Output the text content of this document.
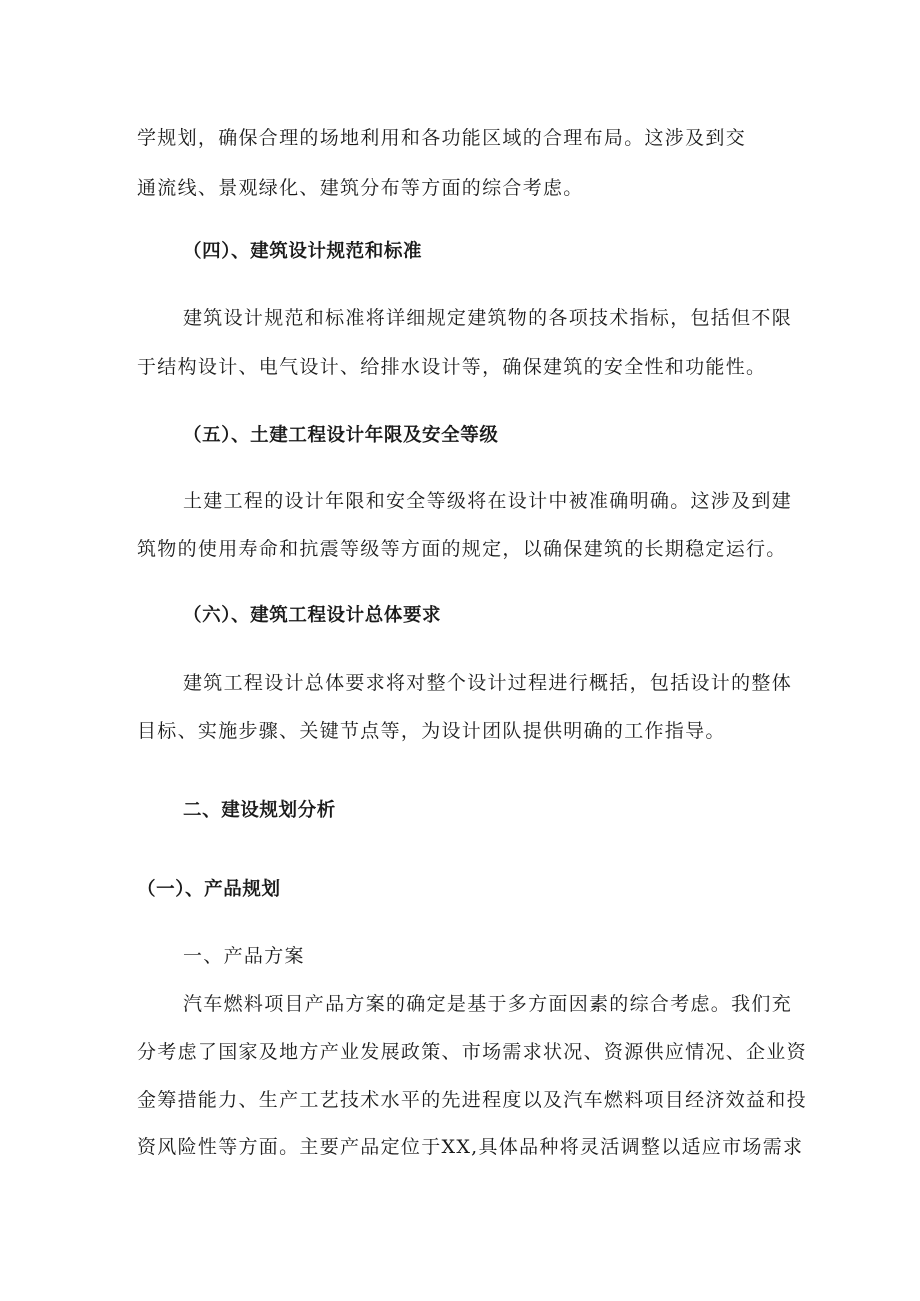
学规划，确保合理的场地利用和各功能区域的合理布局。这涉及到交
通流线、景观绿化、建筑分布等方面的综合考虑。
（四）、建筑设计规范和标准
建筑设计规范和标准将详细规定建筑物的各项技术指标，包括但不限
于结构设计、电气设计、给排水设计等，确保建筑的安全性和功能性。
（五）、土建工程设计年限及安全等级
土建工程的设计年限和安全等级将在设计中被准确明确。这涉及到建
筑物的使用寿命和抗震等级等方面的规定，以确保建筑的长期稳定运行。
（六）、建筑工程设计总体要求
建筑工程设计总体要求将对整个设计过程进行概括，包括设计的整体
目标、实施步骤、关键节点等，为设计团队提供明确的工作指导。
二、建设规划分析
（一）、产品规划
一、产品方案
汽车燃料项目产品方案的确定是基于多方面因素的综合考虑。我们充
分考虑了国家及地方产业发展政策、市场需求状况、资源供应情况、企业资
金筹措能力、生产工艺技术水平的先进程度以及汽车燃料项目经济效益和投
资风险性等方面。主要产品定位于XX,具体品种将灵活调整以适应市场需求
